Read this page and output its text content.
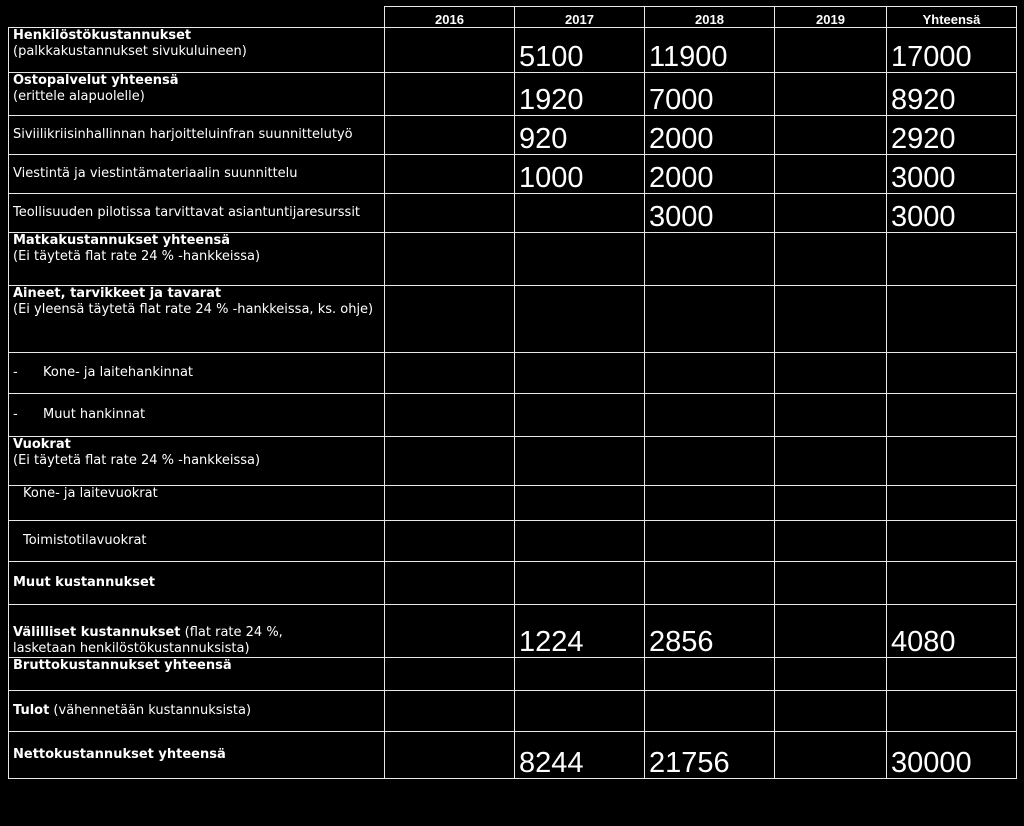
	2016	2017	2018	2019	Yhteensä

Henkilöstökustannukset
(palkkakustannukset sivukuluineen)		5100	11900		17000

Ostopalvelut yhteensä
(erittele alapuolelle)		1920	7000		8920
Siviilikriisinhallinnan harjoitteluinfran suunnittelutyö		920	2000		2920
Viestintä ja viestintämateriaalin suunnittelu		1000	2000		3000
Teollisuuden pilotissa tarvittavat asiantuntijaresurssit			3000		3000

Matkakustannukset yhteensä
(Ei täytetä flat rate 24 % -hankkeissa)					

Aineet, tarvikkeet ja tavarat
(Ei yleensä täytetä flat rate 24 % -hankkeissa, ks. ohje)					

- Kone- ja laitehankinnat					
- Muut hankinnat					

Vuokrat
(Ei täytetä flat rate 24 % -hankkeissa)					

Kone- ja laitevuokrat					
Toimistotilavuokrat					
Muut kustannukset					

Välilliset kustannukset (flat rate 24 %,
lasketaan henkilöstökustannuksista)		1224	2856		4080
Bruttokustannukset yhteensä					
Tulot (vähennetään kustannuksista)					
Nettokustannukset yhteensä		8244	21756		30000
